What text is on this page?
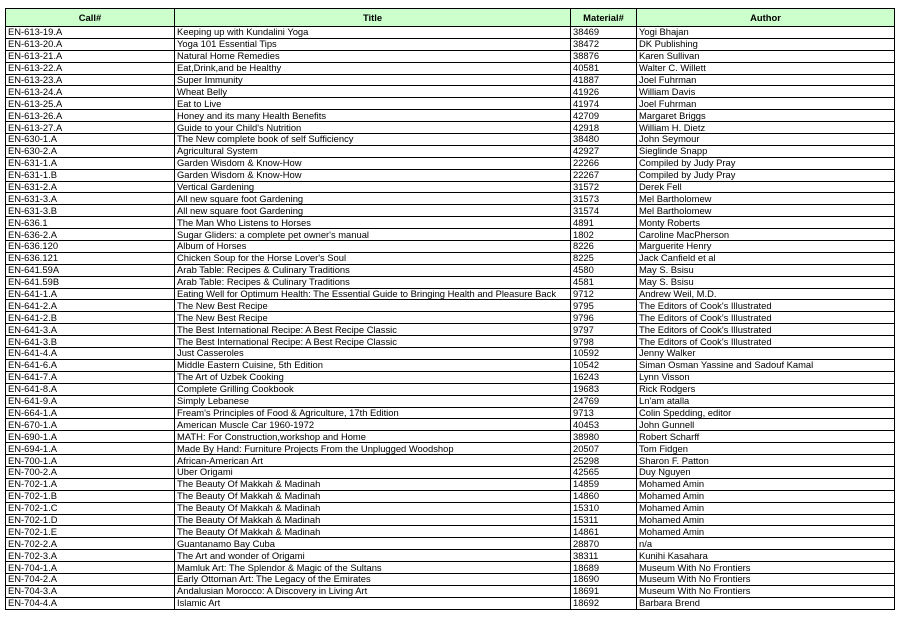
Call#	Title	Material#	Author
EN-613-19.A	Keeping up with Kundalini Yoga	38469	Yogi Bhajan
EN-613-20.A	Yoga 101 Essential Tips	38472	DK Publishing
EN-613-21.A	Natural Home Remedies	38876	Karen Sullivan
EN-613-22.A	Eat,Drink,and be Healthy	40581	Walter C. Willett
EN-613-23.A	Super Immunity	41887	Joel Fuhrman
EN-613-24.A	Wheat Belly	41926	William Davis
EN-613-25.A	Eat to Live	41974	Joel Fuhrman
EN-613-26.A	Honey and its many Health Benefits	42709	Margaret Briggs
EN-613-27.A	Guide to your Child's Nutrition	42918	William H. Dietz
EN-630-1.A	The New complete book of self Sufficiency	38480	John Seymour
EN-630-2.A	Agricultural System	42927	Sieglinde Snapp
EN-631-1.A	Garden Wisdom & Know-How	22266	Compiled by Judy Pray
EN-631-1.B	Garden Wisdom & Know-How	22267	Compiled by Judy Pray
EN-631-2.A	Vertical Gardening	31572	Derek Fell
EN-631-3.A	All new square foot Gardening	31573	Mel Bartholomew
EN-631-3.B	All new square foot Gardening	31574	Mel Bartholomew
EN-636.1	The Man Who Listens to Horses	4891	Monty Roberts
EN-636-2.A	Sugar Gliders: a complete pet owner's manual	1802	Caroline MacPherson
EN-636.120	Album of Horses	8226	Marguerite Henry
EN-636.121	Chicken Soup for the Horse Lover's Soul	8225	Jack Canfield et al
EN-641.59A	Arab Table: Recipes & Culinary Traditions	4580	May S. Bsisu
EN-641.59B	Arab Table: Recipes & Culinary Traditions	4581	May S. Bsisu
EN-641-1.A	Eating Well for Optimum Health: The Essential Guide to Bringing Health and Pleasure Back	9712	Andrew Weil, M.D.
EN-641-2.A	The New Best Recipe	9795	The Editors of Cook's Illustrated
EN-641-2.B	The New Best Recipe	9796	The Editors of Cook's Illustrated
EN-641-3.A	The Best International Recipe: A Best Recipe Classic	9797	The Editors of Cook's Illustrated
EN-641-3.B	The Best International Recipe: A Best Recipe Classic	9798	The Editors of Cook's Illustrated
EN-641-4.A	Just Casseroles	10592	Jenny Walker
EN-641-6.A	Middle Eastern Cuisine, 5th Edition	10542	Siman Osman Yassine and Sadouf Kamal
EN-641-7.A	The Art of Uzbek Cooking	16243	Lynn Visson
EN-641-8.A	Complete Grilling Cookbook	19683	Rick Rodgers
EN-641-9.A	Simply Lebanese	24769	Ln'am atalla
EN-664-1.A	Fream's Principles of Food & Agriculture, 17th Edition	9713	Colin Spedding, editor
EN-670-1.A	American Muscle Car 1960-1972	40453	John Gunnell
EN-690-1.A	MATH: For Construction,workshop and Home	38980	Robert Scharff
EN-694-1.A	Made By Hand: Furniture Projects From the Unplugged Woodshop	20507	Tom Fidgen
EN-700-1.A	African-American Art	25298	Sharon F. Patton
EN-700-2.A	Uber Origami	42565	Duy Nguyen
EN-702-1.A	The Beauty Of Makkah & Madinah	14859	Mohamed Amin
EN-702-1.B	The Beauty Of Makkah & Madinah	14860	Mohamed Amin
EN-702-1.C	The Beauty Of Makkah & Madinah	15310	Mohamed Amin
EN-702-1.D	The Beauty Of Makkah & Madinah	15311	Mohamed Amin
EN-702-1.E	The Beauty Of Makkah & Madinah	14861	Mohamed Amin
EN-702-2.A	Guantanamo Bay Cuba	28870	n/a
EN-702-3.A	The Art and wonder of Origami	38311	Kunihi Kasahara
EN-704-1.A	Mamluk Art: The Splendor & Magic of the Sultans	18689	Museum With No Frontiers
EN-704-2.A	Early Ottoman Art: The Legacy of the Emirates	18690	Museum With No Frontiers
EN-704-3.A	Andalusian Morocco: A Discovery in Living Art	18691	Museum With No Frontiers
EN-704-4.A	Islamic Art	18692	Barbara Brend
